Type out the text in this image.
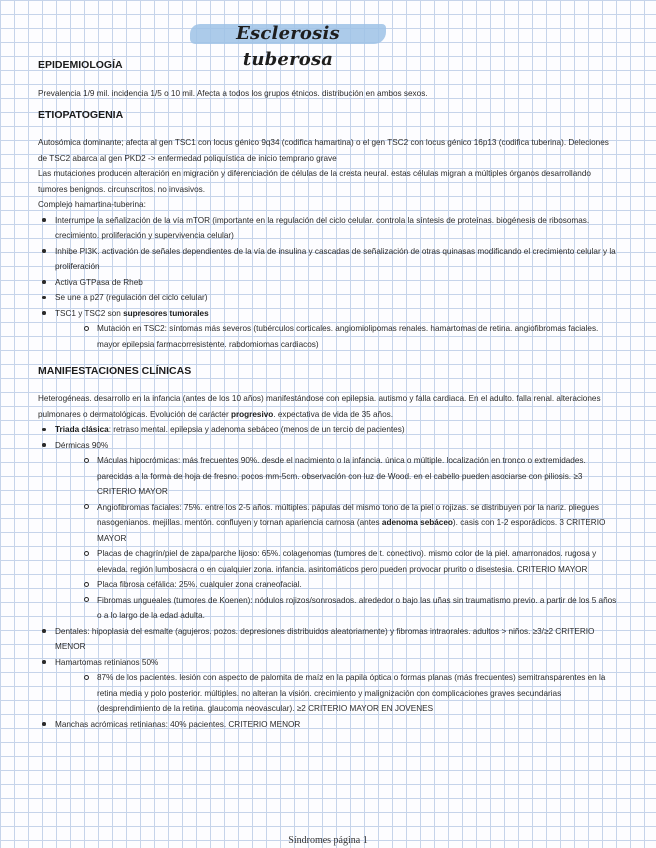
Esclerosis tuberosa
EPIDEMIOLOGÍA

Prevalencia 1/9 mil. incidencia 1/5 o 10 mil. Afecta a todos los grupos étnicos. distribución en ambos sexos.

ETIOPATOGENIA

Autosómica dominante; afecta al gen TSC1 con locus génico 9q34 (codifica hamartina) o el gen TSC2 con locus génico 16p13 (codifica tuberina). Deleciones de TSC2 abarca al gen PKD2 -> enfermedad poliquística de inicio temprano grave

Las mutaciones producen alteración en migración y diferenciación de células de la cresta neural. estas células migran a múltiples órganos desarrollando tumores benignos. circunscritos. no invasivos.

Complejo hamartina-tuberina:

Interrumpe la señalización de la vía mTOR (importante en la regulación del ciclo celular. controla la síntesis de proteínas. biogénesis de ribosomas. crecimiento. proliferación y supervivencia celular)
Inhibe PI3K. activación de señales dependientes de la vía de insulina y cascadas de señalización de otras quinasas modificando el crecimiento celular y la proliferación
Activa GTPasa de Rheb
Se une a p27 (regulación del ciclo celular)
TSC1 y TSC2 son supresores tumorales
Mutación en TSC2: síntomas más severos (tubérculos corticales. angiomiolipomas renales. hamartomas de retina. angiofibromas faciales. mayor epilepsia farmacorresistente. rabdomiomas cardiacos)
MANIFESTACIONES CLÍNICAS

Heterogéneas. desarrollo en la infancia (antes de los 10 años) manifestándose con epilepsia. autismo y falla cardiaca. En el adulto. falla renal. alteraciones pulmonares o dermatológicas. Evolución de carácter progresivo. expectativa de vida de 35 años.

Triada clásica: retraso mental. epilepsia y adenoma sebáceo (menos de un tercio de pacientes)
Dérmicas 90%
Máculas hipocrómicas: más frecuentes 90%. desde el nacimiento o la infancia. única o múltiple. localización en tronco o extremidades. parecidas a la forma de hoja de fresno. pocos mm-5cm. observación con luz de Wood. en el cabello pueden asociarse con piliosis. ≥3 CRITERIO MAYOR
Angiofibromas faciales: 75%. entre los 2-5 años. múltiples. pápulas del mismo tono de la piel o rojizas. se distribuyen por la nariz. pliegues nasogenianos. mejillas. mentón. confluyen y tornan apariencia carnosa (antes adenoma sebáceo). casis con 1-2 esporádicos. 3 CRITERIO MAYOR
Placas de chagrín/piel de zapa/parche lijoso: 65%. colagenomas (tumores de t. conectivo). mismo color de la piel. amarronados. rugosa y elevada. región lumbosacra o en cualquier zona. infancia. asintomáticos pero pueden provocar prurito o disestesia. CRITERIO MAYOR
Placa fibrosa cefálica: 25%. cualquier zona craneofacial.
Fibromas ungueales (tumores de Koenen): nódulos rojizos/sonrosados. alrededor o bajo las uñas sin traumatismo previo. a partir de los 5 años o a lo largo de la edad adulta.
Dentales: hipoplasia del esmalte (agujeros. pozos. depresiones distribuidos aleatoriamente) y fibromas intraorales. adultos > niños. ≥3/≥2 CRITERIO MENOR
Hamartomas retinianos 50%
87% de los pacientes. lesión con aspecto de palomita de maíz en la papila óptica o formas planas (más frecuentes) semitransparentes en la retina media y polo posterior. múltiples. no alteran la visión. crecimiento y malignización con complicaciones graves secundarias (desprendimiento de la retina. glaucoma neovascular). ≥2 CRITERIO MAYOR EN JOVENES
Manchas acrómicas retinianas: 40% pacientes. CRITERIO MENOR
Síndromes página 1
